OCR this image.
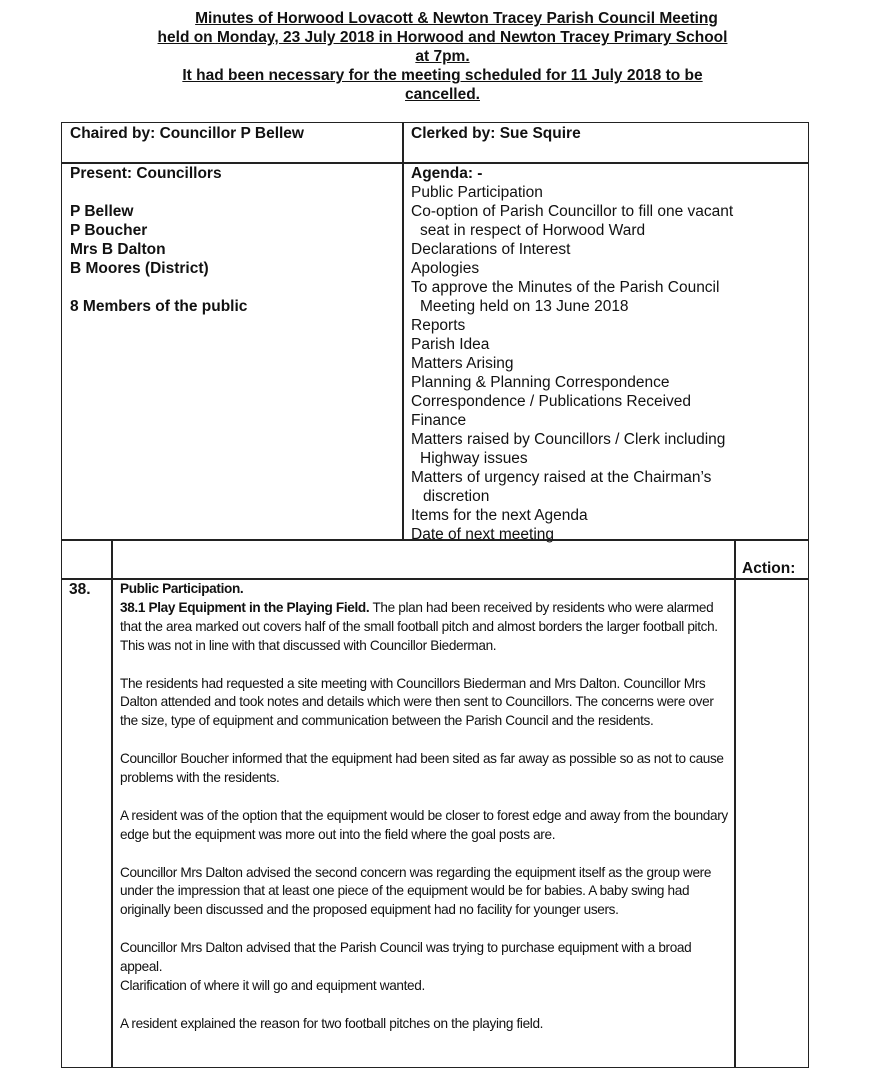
Minutes of Horwood Lovacott & Newton Tracey Parish Council Meeting
held on Monday, 23 July 2018 in Horwood and Newton Tracey Primary School
at 7pm.
It had been necessary for the meeting scheduled for 11 July 2018 to be
cancelled.
Chaired by: Councillor P Bellew	Clerked by: Sue Squire
Present: Councillors
P Bellew
P Boucher
Mrs B Dalton
B Moores (District)
8 Members of the public
Agenda: -
Public Participation
Co-option of Parish Councillor to fill one vacant
seat in respect of Horwood Ward
Declarations of Interest
Apologies
To approve the Minutes of the Parish Council
Meeting held on 13 June 2018
Reports
Parish Idea
Matters Arising
Planning & Planning Correspondence
Correspondence / Publications Received
Finance
Matters raised by Councillors / Clerk including
Highway issues
Matters of urgency raised at the Chairman’s
discretion
Items for the next Agenda
Date of next meeting
Action:
38. Public Participation.

38.1 Play Equipment in the Playing Field. The plan had been received by residents who were alarmed that the area marked out covers half of the small football pitch and almost borders the larger football pitch.

This was not in line with that discussed with Councillor Biederman.

The residents had requested a site meeting with Councillors Biederman and Mrs Dalton. Councillor Mrs Dalton attended and took notes and details which were then sent to Councillors. The concerns were over the size, type of equipment and communication between the Parish Council and the residents.

Councillor Boucher informed that the equipment had been sited as far away as possible so as not to cause problems with the residents.

A resident was of the option that the equipment would be closer to forest edge and away from the boundary edge but the equipment was more out into the field where the goal posts are.

Councillor Mrs Dalton advised the second concern was regarding the equipment itself as the group were under the impression that at least one piece of the equipment would be for babies. A baby swing had originally been discussed and the proposed equipment had no facility for younger users.

Councillor Mrs Dalton advised that the Parish Council was trying to purchase equipment with a broad appeal.

Clarification of where it will go and equipment wanted.

A resident explained the reason for two football pitches on the playing field.
